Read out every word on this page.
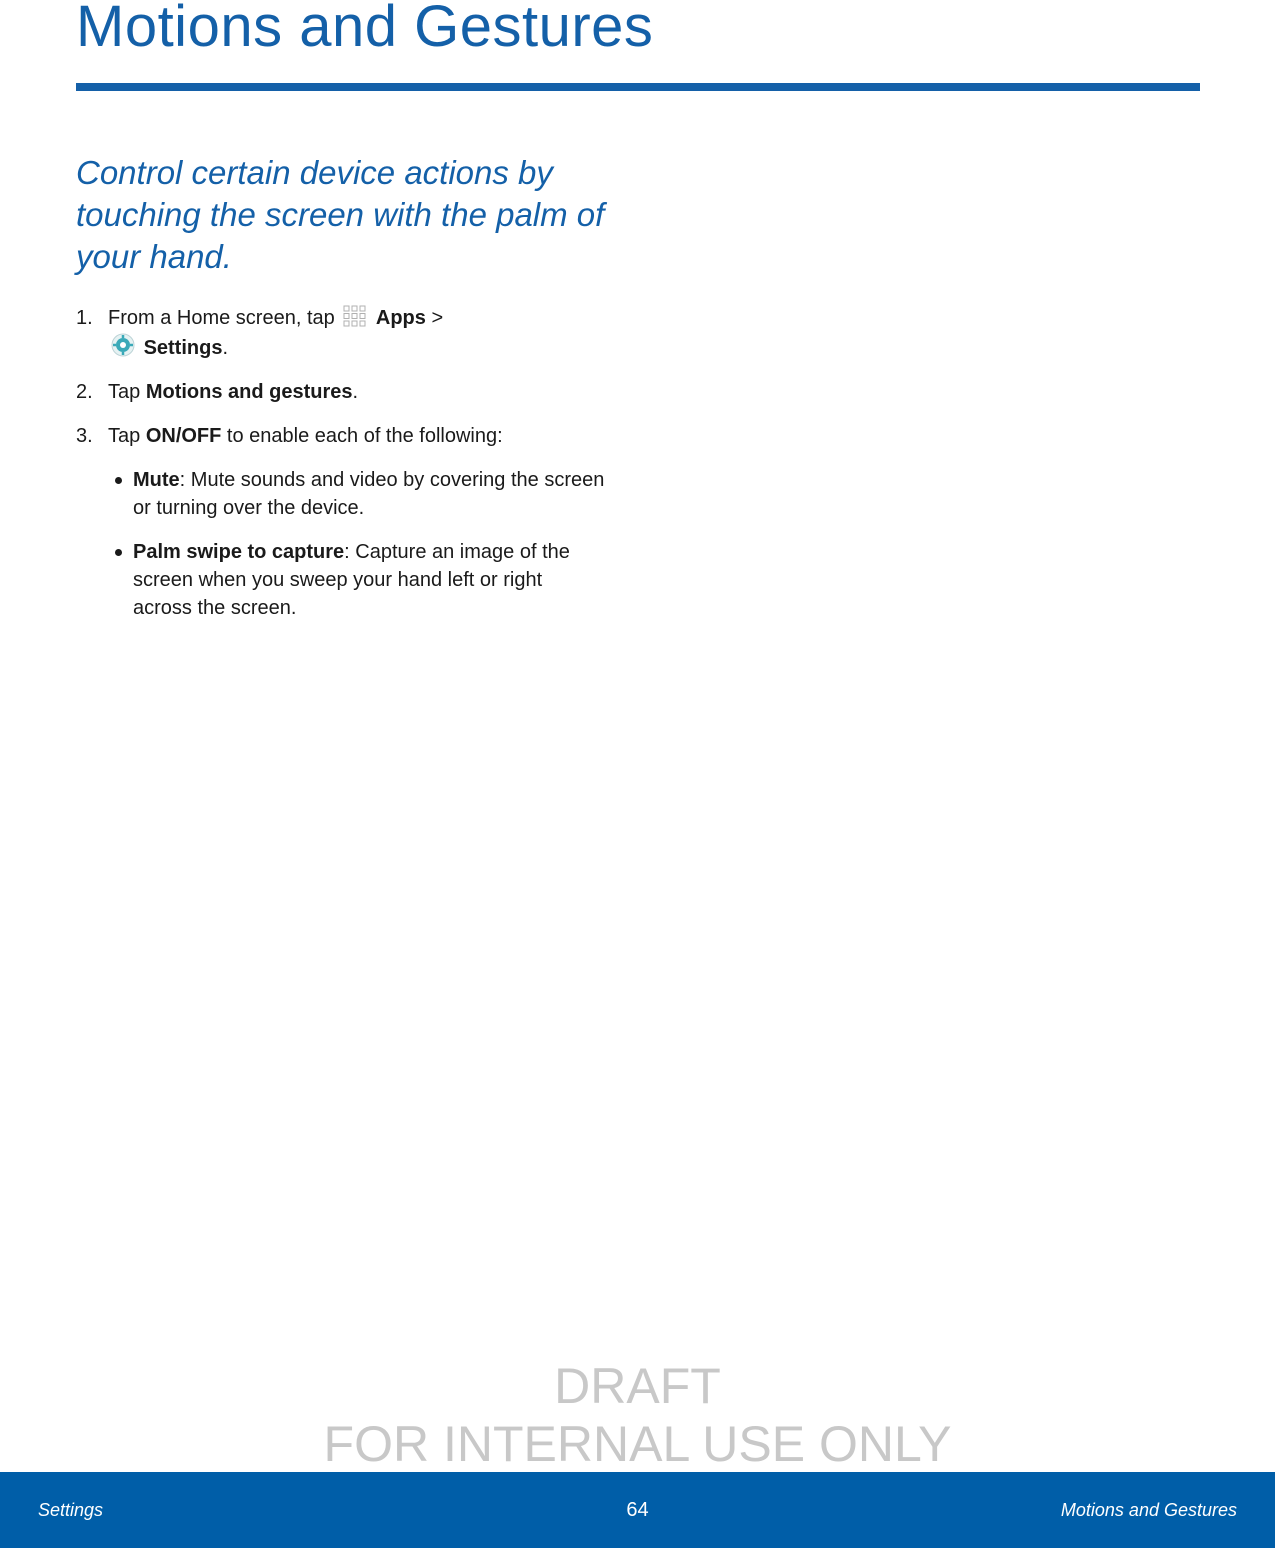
Motions and Gestures

Control certain device actions by touching the screen with the palm of your hand.

1. From a Home screen, tap Apps >
Settings.
2. Tap Motions and gestures.
3. Tap ON/OFF to enable each of the following:
Mute: Mute sounds and video by covering the screen or turning over the device.
Palm swipe to capture: Capture an image of the screen when you sweep your hand left or right across the screen.
DRAFT
FOR INTERNAL USE ONLY
Settings	64	Motions and Gestures
